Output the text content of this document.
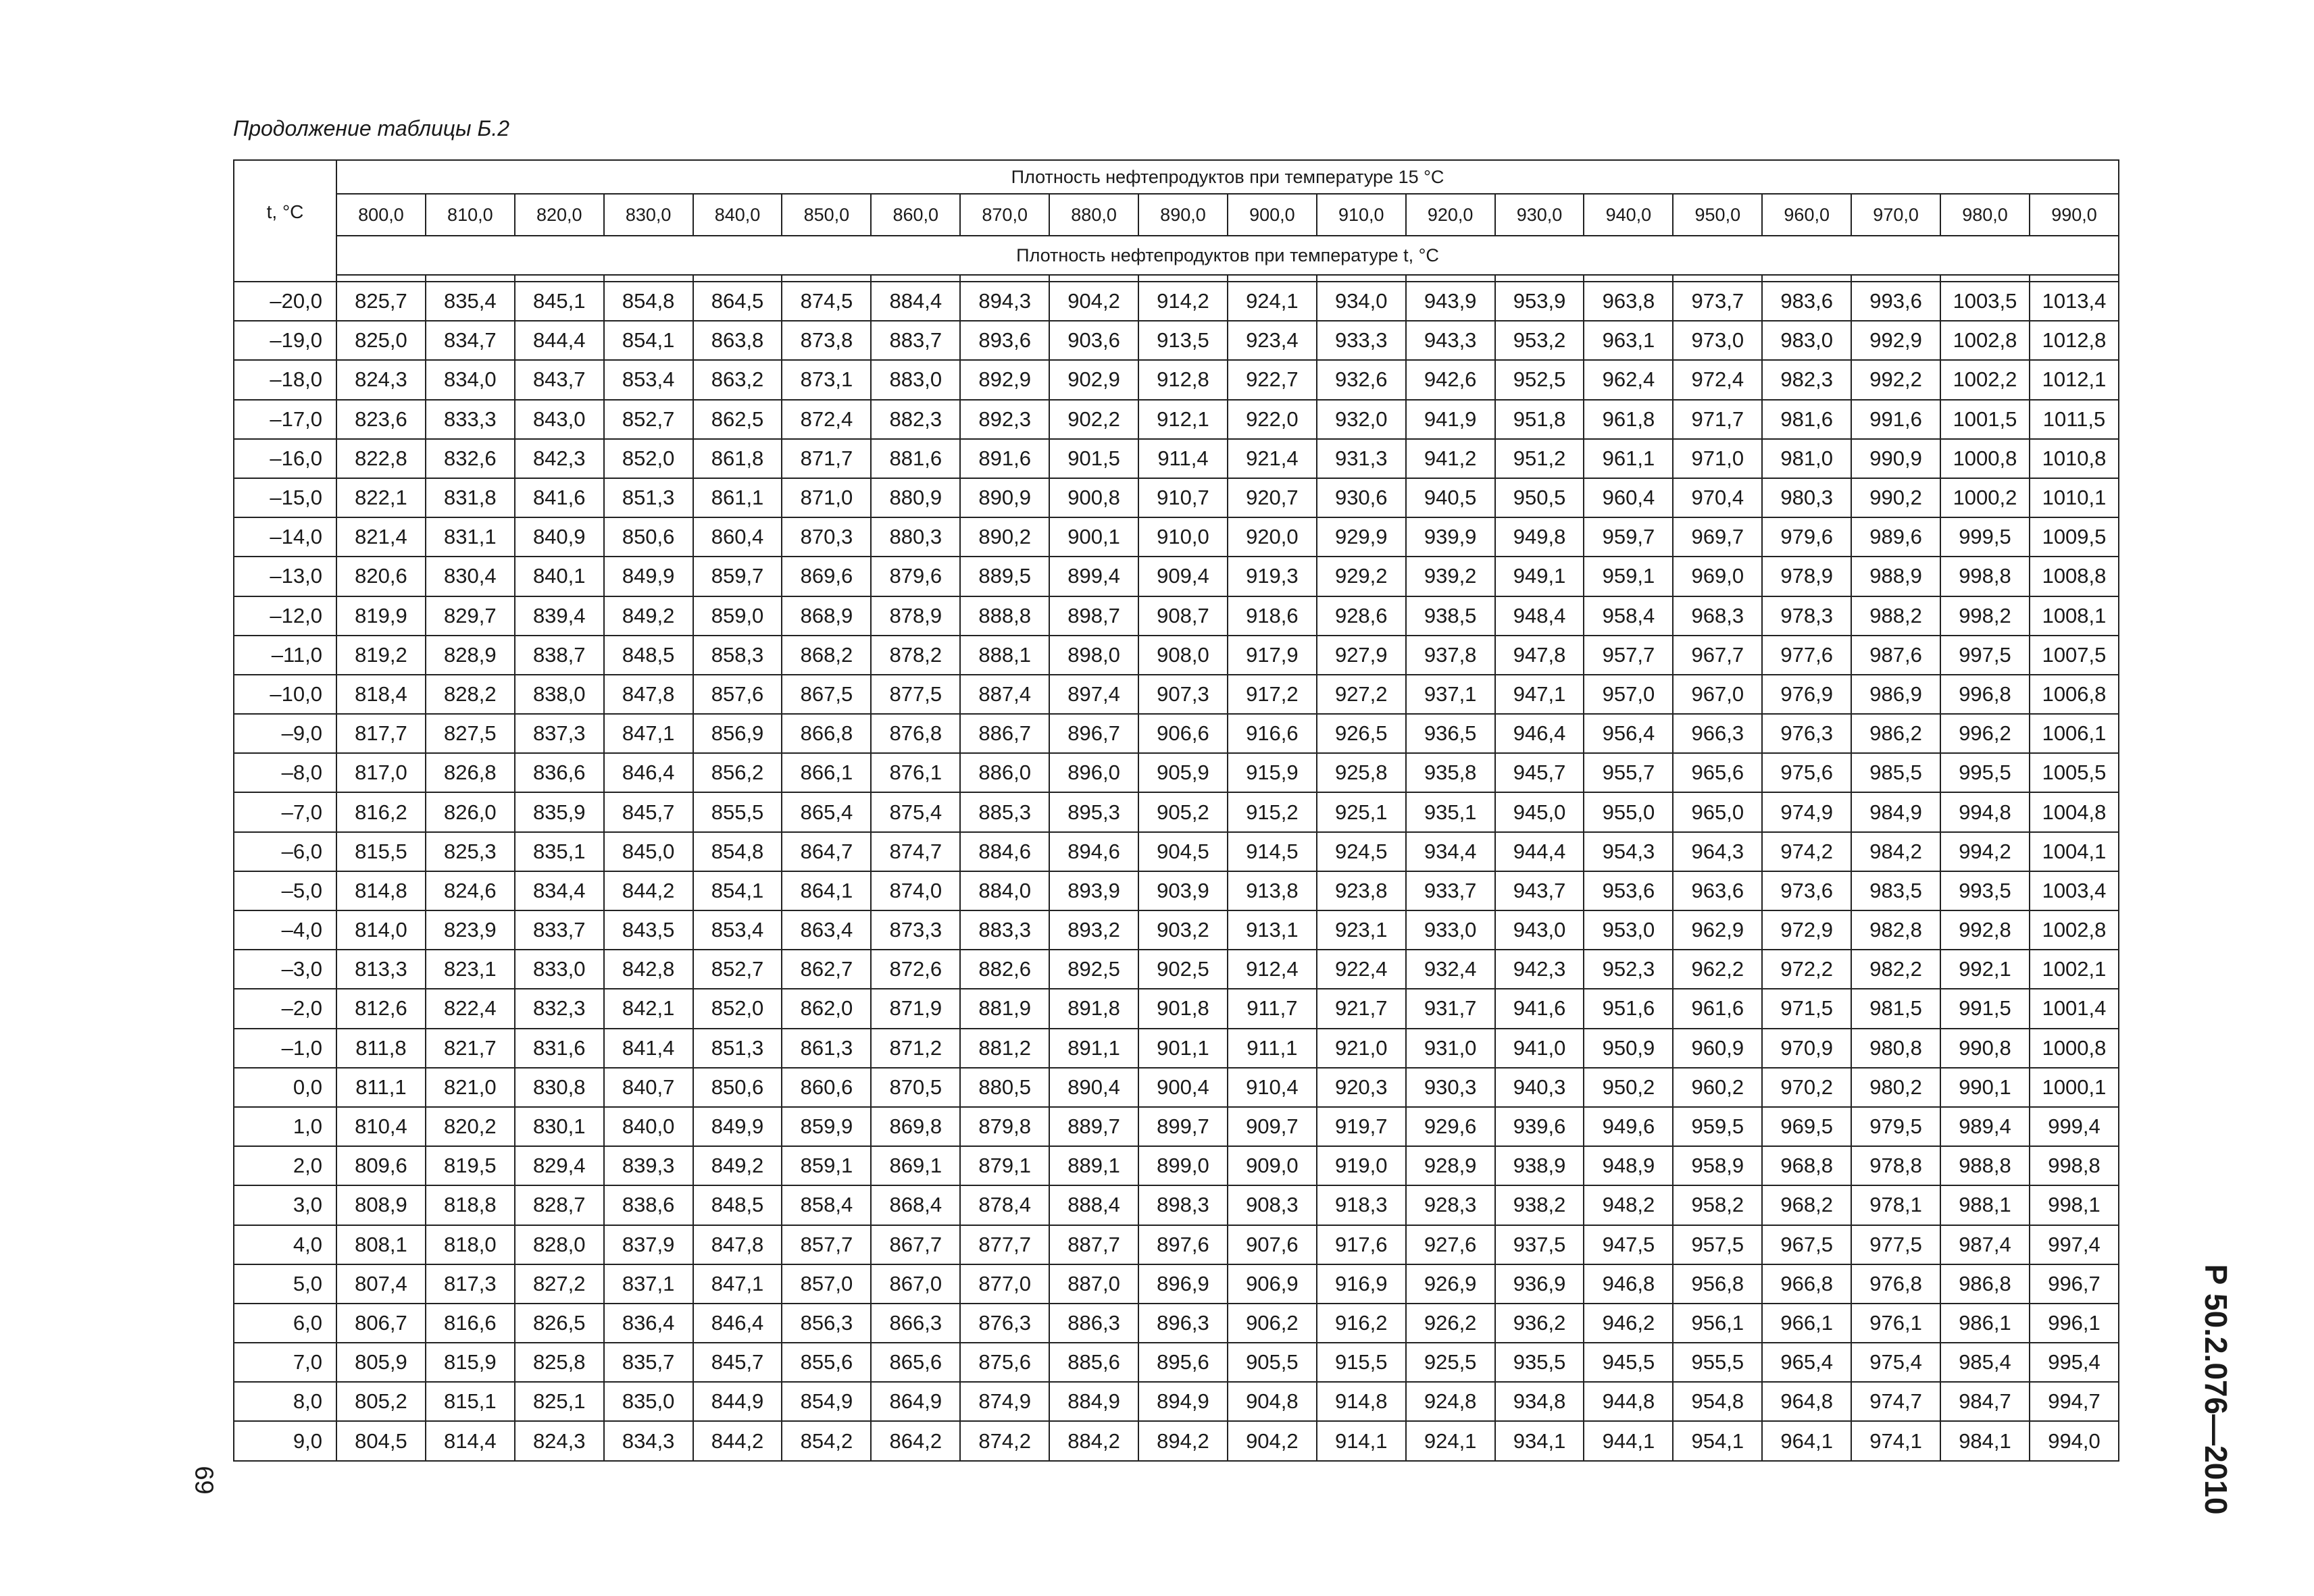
Продолжение таблицы Б.2
t, °C	Плотность нефтепродуктов при температуре 15 °C																			
	800,0	810,0	820,0	830,0	840,0	850,0	860,0	870,0	880,0	890,0	900,0	910,0	920,0	930,0	940,0	950,0	960,0	970,0	980,0	990,0
	Плотность нефтепродуктов при температуре t, °C																			

–20,0	825,7	835,4	845,1	854,8	864,5	874,5	884,4	894,3	904,2	914,2	924,1	934,0	943,9	953,9	963,8	973,7	983,6	993,6	1003,5	1013,4
–19,0	825,0	834,7	844,4	854,1	863,8	873,8	883,7	893,6	903,6	913,5	923,4	933,3	943,3	953,2	963,1	973,0	983,0	992,9	1002,8	1012,8
–18,0	824,3	834,0	843,7	853,4	863,2	873,1	883,0	892,9	902,9	912,8	922,7	932,6	942,6	952,5	962,4	972,4	982,3	992,2	1002,2	1012,1
–17,0	823,6	833,3	843,0	852,7	862,5	872,4	882,3	892,3	902,2	912,1	922,0	932,0	941,9	951,8	961,8	971,7	981,6	991,6	1001,5	1011,5
–16,0	822,8	832,6	842,3	852,0	861,8	871,7	881,6	891,6	901,5	911,4	921,4	931,3	941,2	951,2	961,1	971,0	981,0	990,9	1000,8	1010,8
–15,0	822,1	831,8	841,6	851,3	861,1	871,0	880,9	890,9	900,8	910,7	920,7	930,6	940,5	950,5	960,4	970,4	980,3	990,2	1000,2	1010,1
–14,0	821,4	831,1	840,9	850,6	860,4	870,3	880,3	890,2	900,1	910,0	920,0	929,9	939,9	949,8	959,7	969,7	979,6	989,6	999,5	1009,5
–13,0	820,6	830,4	840,1	849,9	859,7	869,6	879,6	889,5	899,4	909,4	919,3	929,2	939,2	949,1	959,1	969,0	978,9	988,9	998,8	1008,8
–12,0	819,9	829,7	839,4	849,2	859,0	868,9	878,9	888,8	898,7	908,7	918,6	928,6	938,5	948,4	958,4	968,3	978,3	988,2	998,2	1008,1
–11,0	819,2	828,9	838,7	848,5	858,3	868,2	878,2	888,1	898,0	908,0	917,9	927,9	937,8	947,8	957,7	967,7	977,6	987,6	997,5	1007,5
–10,0	818,4	828,2	838,0	847,8	857,6	867,5	877,5	887,4	897,4	907,3	917,2	927,2	937,1	947,1	957,0	967,0	976,9	986,9	996,8	1006,8
–9,0	817,7	827,5	837,3	847,1	856,9	866,8	876,8	886,7	896,7	906,6	916,6	926,5	936,5	946,4	956,4	966,3	976,3	986,2	996,2	1006,1
–8,0	817,0	826,8	836,6	846,4	856,2	866,1	876,1	886,0	896,0	905,9	915,9	925,8	935,8	945,7	955,7	965,6	975,6	985,5	995,5	1005,5
–7,0	816,2	826,0	835,9	845,7	855,5	865,4	875,4	885,3	895,3	905,2	915,2	925,1	935,1	945,0	955,0	965,0	974,9	984,9	994,8	1004,8
–6,0	815,5	825,3	835,1	845,0	854,8	864,7	874,7	884,6	894,6	904,5	914,5	924,5	934,4	944,4	954,3	964,3	974,2	984,2	994,2	1004,1
–5,0	814,8	824,6	834,4	844,2	854,1	864,1	874,0	884,0	893,9	903,9	913,8	923,8	933,7	943,7	953,6	963,6	973,6	983,5	993,5	1003,4
–4,0	814,0	823,9	833,7	843,5	853,4	863,4	873,3	883,3	893,2	903,2	913,1	923,1	933,0	943,0	953,0	962,9	972,9	982,8	992,8	1002,8
–3,0	813,3	823,1	833,0	842,8	852,7	862,7	872,6	882,6	892,5	902,5	912,4	922,4	932,4	942,3	952,3	962,2	972,2	982,2	992,1	1002,1
–2,0	812,6	822,4	832,3	842,1	852,0	862,0	871,9	881,9	891,8	901,8	911,7	921,7	931,7	941,6	951,6	961,6	971,5	981,5	991,5	1001,4
–1,0	811,8	821,7	831,6	841,4	851,3	861,3	871,2	881,2	891,1	901,1	911,1	921,0	931,0	941,0	950,9	960,9	970,9	980,8	990,8	1000,8
0,0	811,1	821,0	830,8	840,7	850,6	860,6	870,5	880,5	890,4	900,4	910,4	920,3	930,3	940,3	950,2	960,2	970,2	980,2	990,1	1000,1
1,0	810,4	820,2	830,1	840,0	849,9	859,9	869,8	879,8	889,7	899,7	909,7	919,7	929,6	939,6	949,6	959,5	969,5	979,5	989,4	999,4
2,0	809,6	819,5	829,4	839,3	849,2	859,1	869,1	879,1	889,1	899,0	909,0	919,0	928,9	938,9	948,9	958,9	968,8	978,8	988,8	998,8
3,0	808,9	818,8	828,7	838,6	848,5	858,4	868,4	878,4	888,4	898,3	908,3	918,3	928,3	938,2	948,2	958,2	968,2	978,1	988,1	998,1
4,0	808,1	818,0	828,0	837,9	847,8	857,7	867,7	877,7	887,7	897,6	907,6	917,6	927,6	937,5	947,5	957,5	967,5	977,5	987,4	997,4
5,0	807,4	817,3	827,2	837,1	847,1	857,0	867,0	877,0	887,0	896,9	906,9	916,9	926,9	936,9	946,8	956,8	966,8	976,8	986,8	996,7
6,0	806,7	816,6	826,5	836,4	846,4	856,3	866,3	876,3	886,3	896,3	906,2	916,2	926,2	936,2	946,2	956,1	966,1	976,1	986,1	996,1
7,0	805,9	815,9	825,8	835,7	845,7	855,6	865,6	875,6	885,6	895,6	905,5	915,5	925,5	935,5	945,5	955,5	965,4	975,4	985,4	995,4
8,0	805,2	815,1	825,1	835,0	844,9	854,9	864,9	874,9	884,9	894,9	904,8	914,8	924,8	934,8	944,8	954,8	964,8	974,7	984,7	994,7
9,0	804,5	814,4	824,3	834,3	844,2	854,2	864,2	874,2	884,2	894,2	904,2	914,1	924,1	934,1	944,1	954,1	964,1	974,1	984,1	994,0
69	Р 50.2.076—2010
